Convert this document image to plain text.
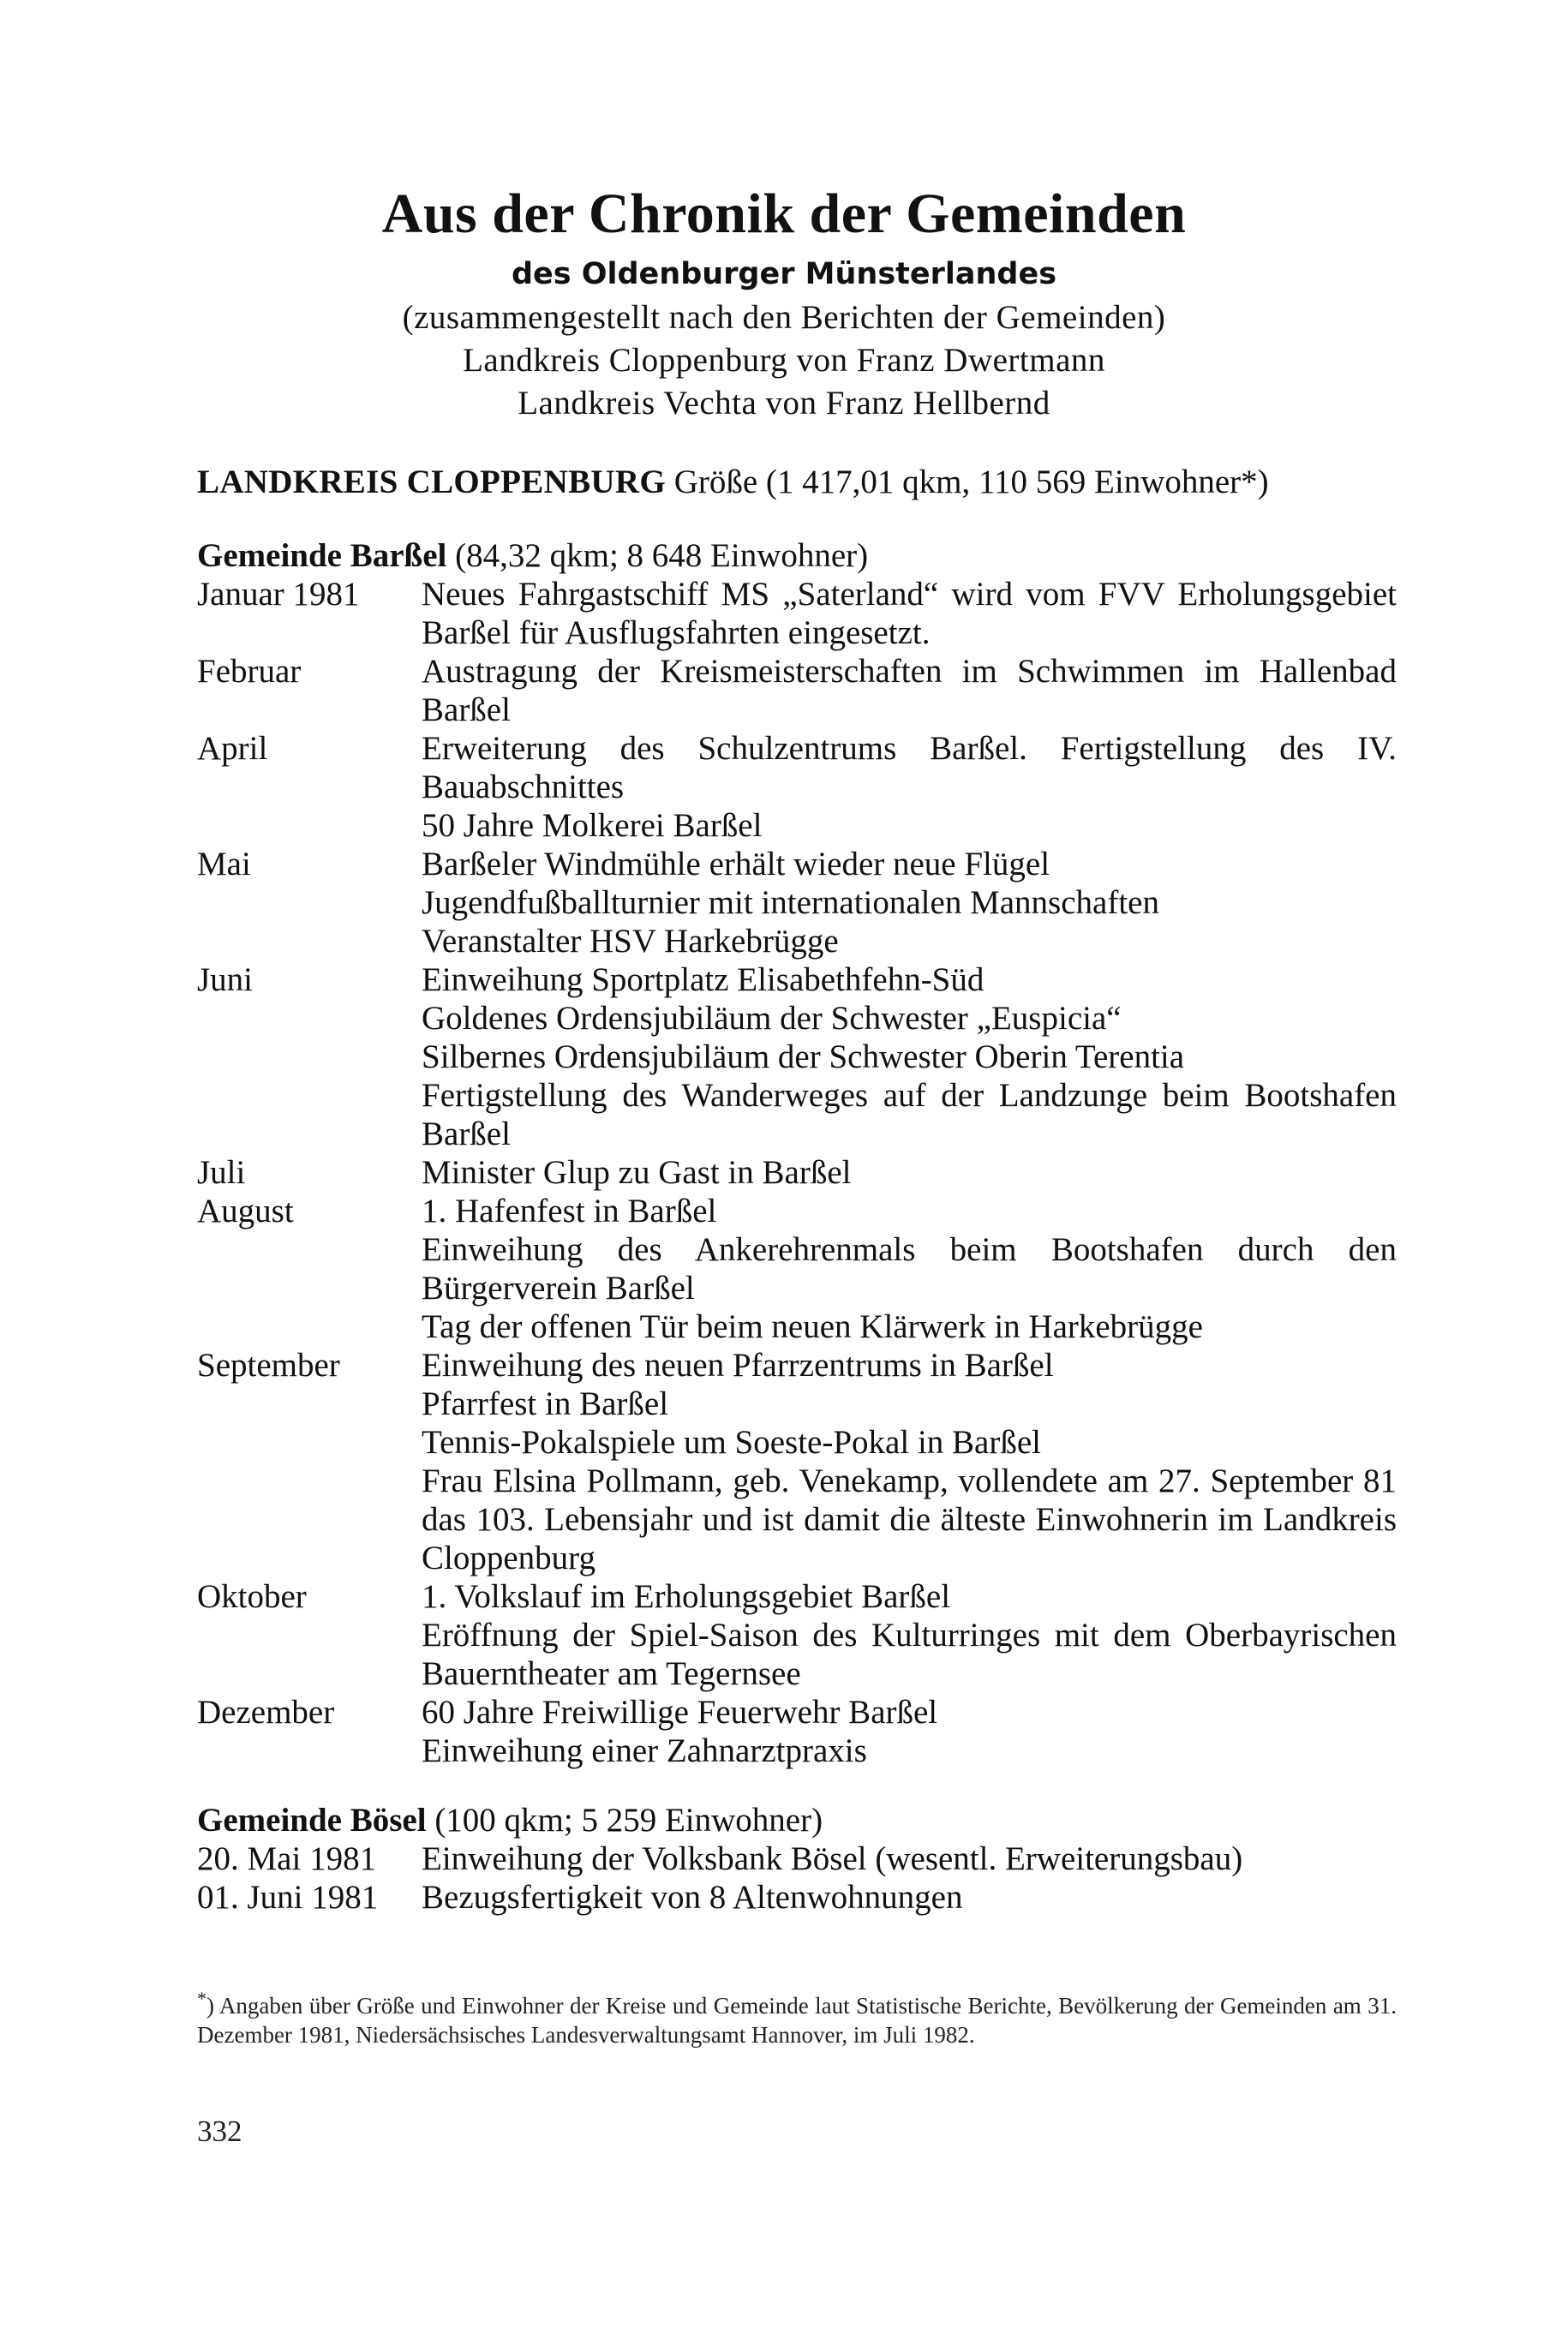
Aus der Chronik der Gemeinden
des Oldenburger Münsterlandes
(zusammengestellt nach den Berichten der Gemeinden)
Landkreis Cloppenburg von Franz Dwertmann
Landkreis Vechta von Franz Hellbernd
LANDKREIS CLOPPENBURG Größe (1 417,01 qkm, 110 569 Einwohner*)
Gemeinde Barßel (84,32 qkm; 8 648 Einwohner)
Januar 1981	Neues Fahrgastschiff MS „Saterland“ wird vom FVV Erholungsgebiet Barßel für Ausflugsfahrten eingesetzt.
Februar	Austragung der Kreismeisterschaften im Schwimmen im Hallenbad Barßel
April	Erweiterung des Schulzentrums Barßel. Fertigstellung des IV. Bauabschnittes
50 Jahre Molkerei Barßel
Mai	Barßeler Windmühle erhält wieder neue Flügel
Jugendfußballturnier mit internationalen Mannschaften
Veranstalter HSV Harkebrügge
Juni	Einweihung Sportplatz Elisabethfehn-Süd
Goldenes Ordensjubiläum der Schwester „Euspicia“
Silbernes Ordensjubiläum der Schwester Oberin Terentia
Fertigstellung des Wanderweges auf der Landzunge beim Bootshafen Barßel
Juli	Minister Glup zu Gast in Barßel
August	1. Hafenfest in Barßel
Einweihung des Ankerehrenmals beim Bootshafen durch den Bürgerverein Barßel
Tag der offenen Tür beim neuen Klärwerk in Harkebrügge
September	Einweihung des neuen Pfarrzentrums in Barßel
Pfarrfest in Barßel
Tennis-Pokalspiele um Soeste-Pokal in Barßel
Frau Elsina Pollmann, geb. Venekamp, vollendete am 27. September 81 das 103. Lebensjahr und ist damit die älteste Einwohnerin im Landkreis Cloppenburg
Oktober	1. Volkslauf im Erholungsgebiet Barßel
Eröffnung der Spiel-Saison des Kulturringes mit dem Oberbayrischen Bauerntheater am Tegernsee
Dezember	60 Jahre Freiwillige Feuerwehr Barßel
Einweihung einer Zahnarztpraxis
Gemeinde Bösel (100 qkm; 5 259 Einwohner)
20. Mai 1981	Einweihung der Volksbank Bösel (wesentl. Erweiterungsbau)
01. Juni 1981	Bezugsfertigkeit von 8 Altenwohnungen
*) Angaben über Größe und Einwohner der Kreise und Gemeinde laut Statistische Berichte, Bevölkerung der Gemeinden am 31. Dezember 1981, Niedersächsisches Landesverwaltungsamt Hannover, im Juli 1982.
332
